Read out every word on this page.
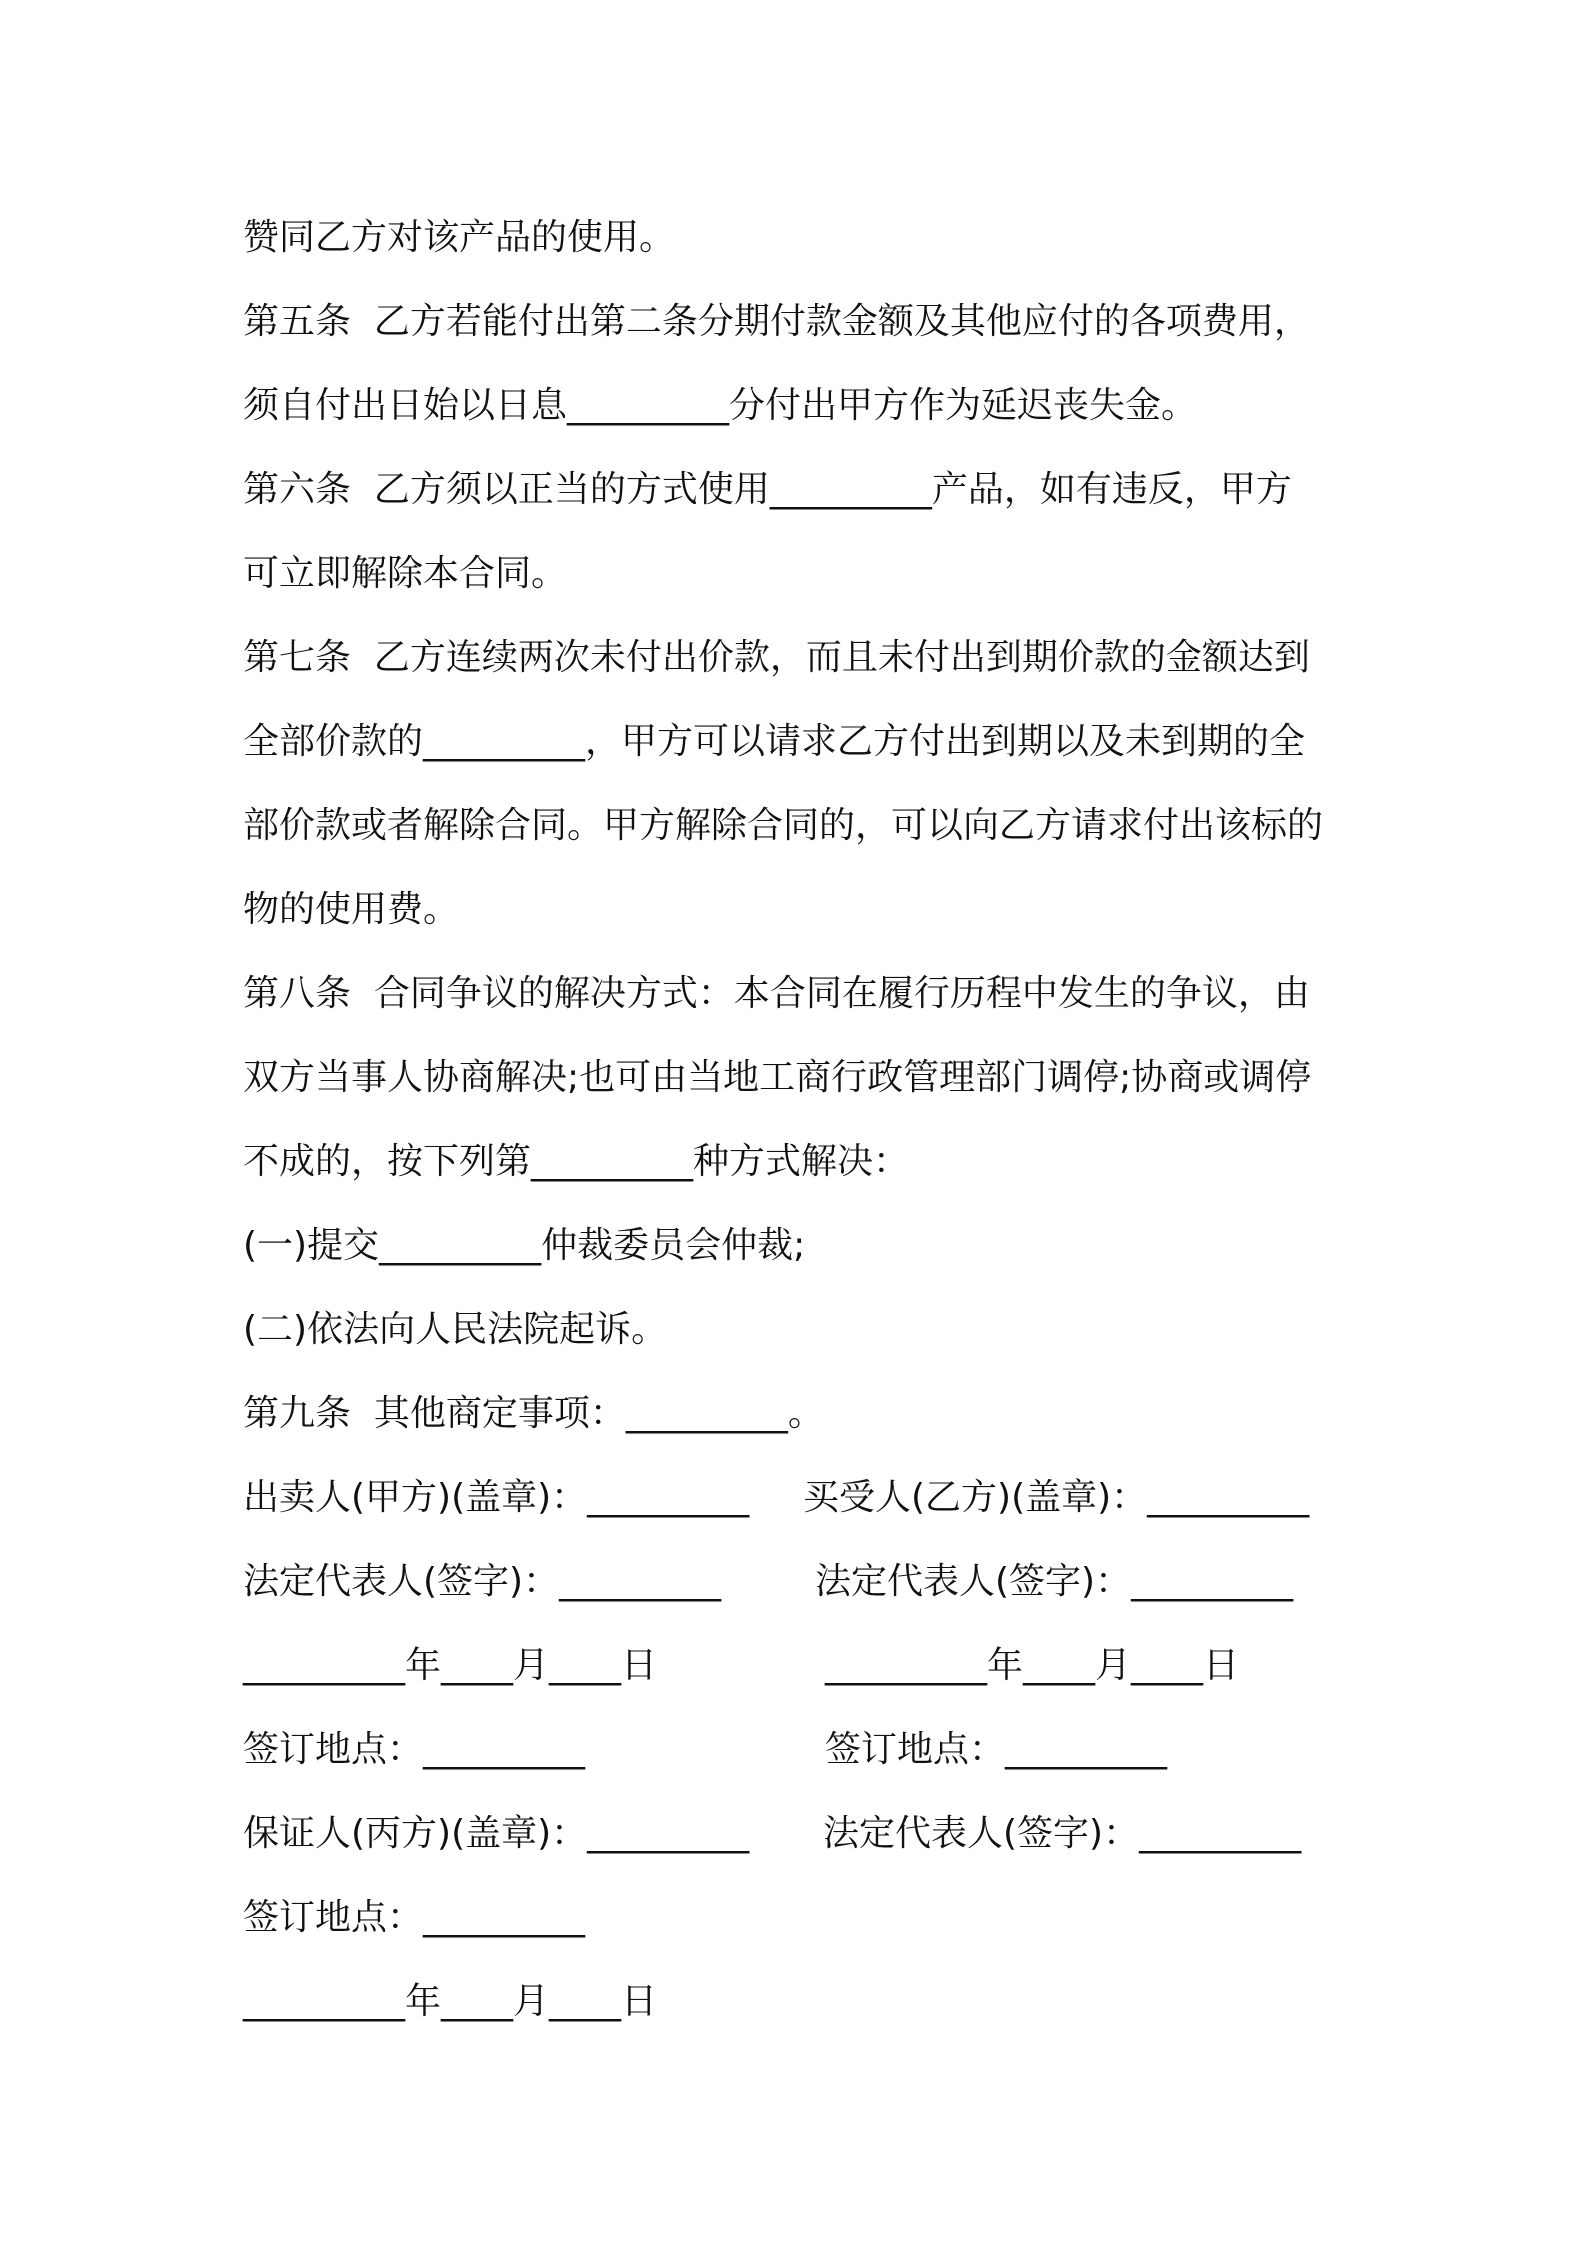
赞同乙方对该产品的使用。
第五条  乙方若能付出第二条分期付款金额及其他应付的各项费用，
须自付出日始以日息_________分付出甲方作为延迟丧失金。
第六条  乙方须以正当的方式使用_________产品，如有违反，甲方
可立即解除本合同。
第七条  乙方连续两次未付出价款，而且未付出到期价款的金额达到
全部价款的_________，甲方可以请求乙方付出到期以及未到期的全
部价款或者解除合同。甲方解除合同的，可以向乙方请求付出该标的
物的使用费。
第八条  合同争议的解决方式：本合同在履行历程中发生的争议，由
双方当事人协商解决;也可由当地工商行政管理部门调停;协商或调停
不成的，按下列第_________种方式解决：
(一)提交_________仲裁委员会仲裁;
(二)依法向人民法院起诉。
第九条  其他商定事项：_________。
出卖人(甲方)(盖章)：_________ 买受人(乙方)(盖章)：_________
法定代表人(签字)：_________	法定代表人(签字)：_________
_________年____月____日	_________年____月____日
签订地点：_________	签订地点：_________
保证人(丙方)(盖章)：_________ 法定代表人(签字)：_________
签订地点：_________
_________年____月____日
